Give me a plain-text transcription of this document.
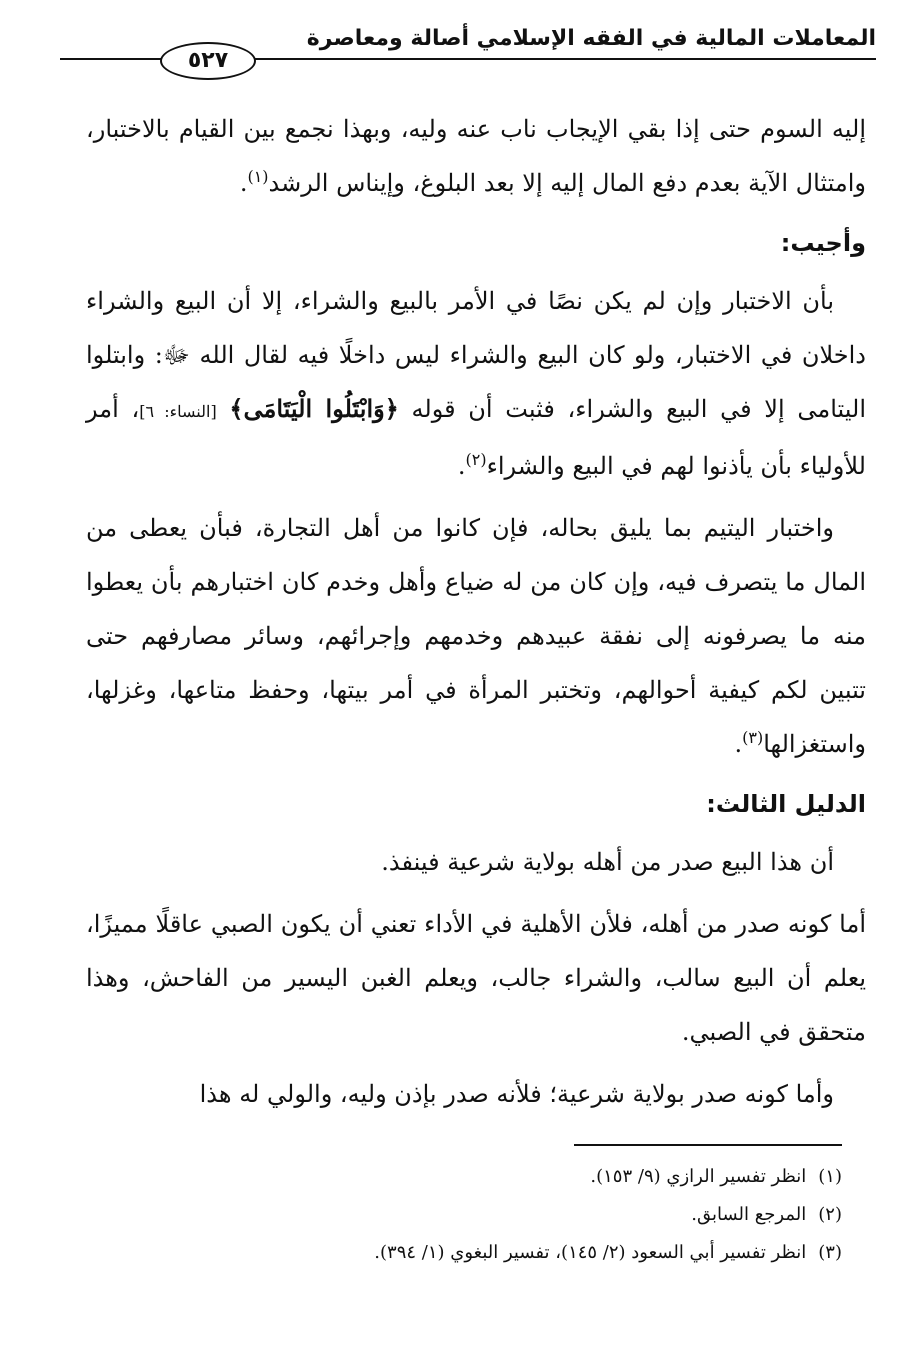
المعاملات المالية في الفقه الإسلامي أصالة ومعاصرة
٥٢٧

إليه السوم حتى إذا بقي الإيجاب ناب عنه وليه، وبهذا نجمع بين القيام بالاختبار، وامتثال الآية بعدم دفع المال إليه إلا بعد البلوغ، وإيناس الرشد$^{(١)}$.

وأجيب:

بأن الاختبار وإن لم يكن نصًا في الأمر بالبيع والشراء، إلا أن البيع والشراء داخلان في الاختبار، ولو كان البيع والشراء ليس داخلًا فيه لقال الله ﷻ: وابتلوا اليتامى إلا في البيع والشراء، فثبت أن قوله ﴿وَابْتَلُوا الْيَتَامَى﴾ [النساء: ٦]، أمر للأولياء بأن يأذنوا لهم في البيع والشراء$^{(٢)}$.

واختبار اليتيم بما يليق بحاله، فإن كانوا من أهل التجارة، فبأن يعطى من المال ما يتصرف فيه، وإن كان من له ضياع وأهل وخدم كان اختبارهم بأن يعطوا منه ما يصرفونه إلى نفقة عبيدهم وخدمهم وإجرائهم، وسائر مصارفهم حتى تتبين لكم كيفية أحوالهم، وتختبر المرأة في أمر بيتها، وحفظ متاعها، وغزلها، واستغزالها$^{(٣)}$.

الدليل الثالث:

أن هذا البيع صدر من أهله بولاية شرعية فينفذ.

أما كونه صدر من أهله، فلأن الأهلية في الأداء تعني أن يكون الصبي عاقلًا مميزًا، يعلم أن البيع سالب، والشراء جالب، ويعلم الغبن اليسير من الفاحش، وهذا متحقق في الصبي.

وأما كونه صدر بولاية شرعية؛ فلأنه صدر بإذن وليه، والولي له هذا

(١)انظر تفسير الرازي (٩/ ١٥٣).
(٢)المرجع السابق.
(٣)انظر تفسير أبي السعود (٢/ ١٤٥)، تفسير البغوي (١/ ٣٩٤).
